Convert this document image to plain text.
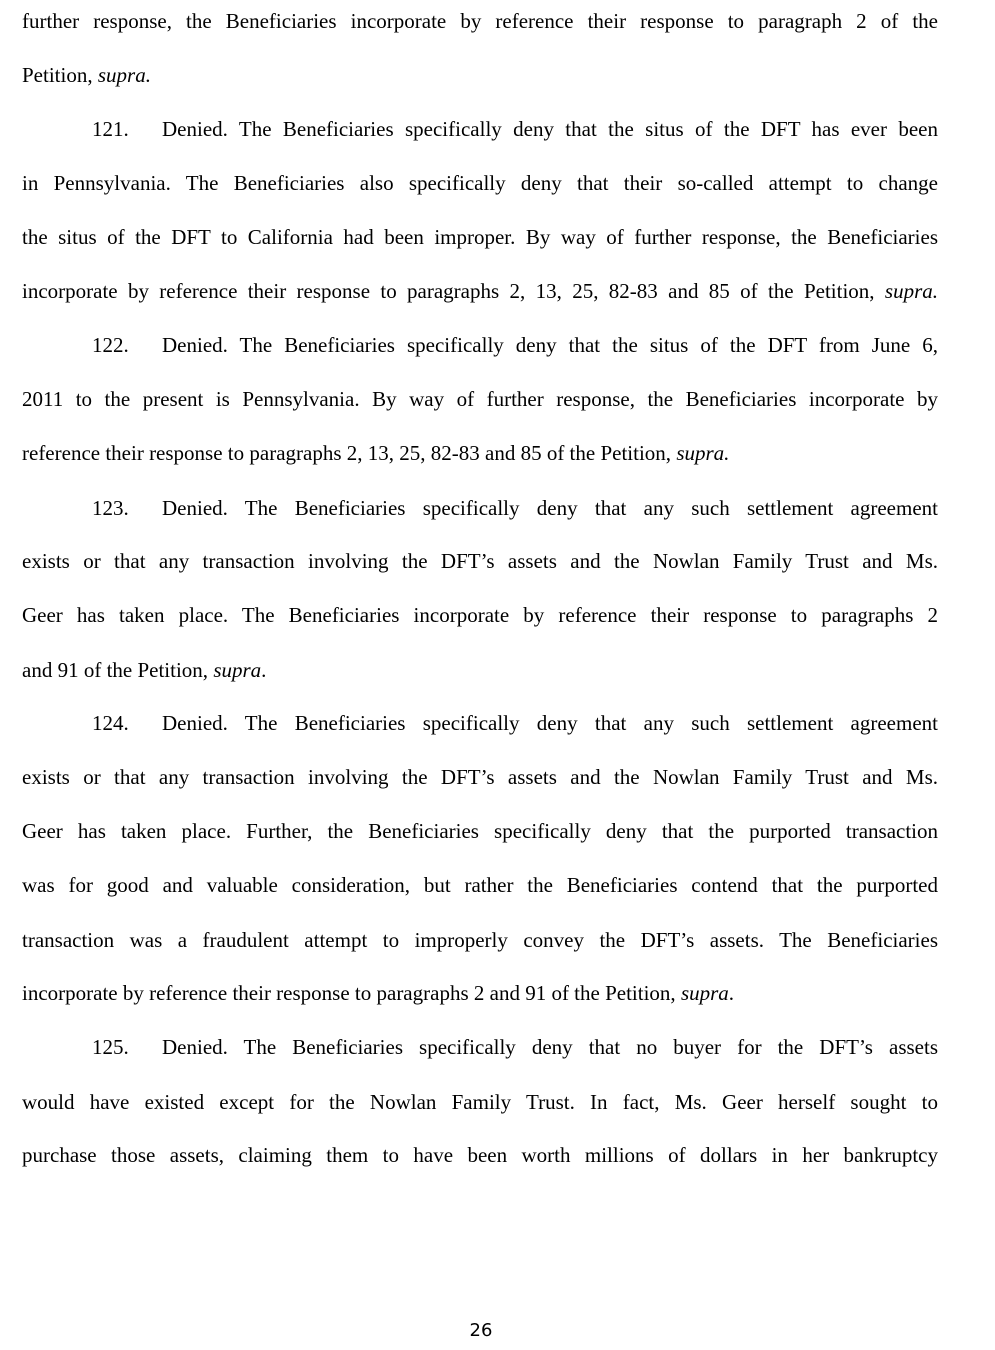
further response, the Beneficiaries incorporate by reference their response to paragraph 2 of the
Petition, supra.
121. Denied. The Beneficiaries specifically deny that the situs of the DFT has ever been
in Pennsylvania. The Beneficiaries also specifically deny that their so-called attempt to change
the situs of the DFT to California had been improper. By way of further response, the Beneficiaries
incorporate by reference their response to paragraphs 2, 13, 25, 82-83 and 85 of the Petition, supra.
122. Denied. The Beneficiaries specifically deny that the situs of the DFT from June 6,
2011 to the present is Pennsylvania. By way of further response, the Beneficiaries incorporate by
reference their response to paragraphs 2, 13, 25, 82-83 and 85 of the Petition, supra.
123. Denied. The Beneficiaries specifically deny that any such settlement agreement
exists or that any transaction involving the DFT’s assets and the Nowlan Family Trust and Ms.
Geer has taken place. The Beneficiaries incorporate by reference their response to paragraphs 2
and 91 of the Petition, supra.
124. Denied. The Beneficiaries specifically deny that any such settlement agreement
exists or that any transaction involving the DFT’s assets and the Nowlan Family Trust and Ms.
Geer has taken place. Further, the Beneficiaries specifically deny that the purported transaction
was for good and valuable consideration, but rather the Beneficiaries contend that the purported
transaction was a fraudulent attempt to improperly convey the DFT’s assets. The Beneficiaries
incorporate by reference their response to paragraphs 2 and 91 of the Petition, supra.
125. Denied. The Beneficiaries specifically deny that no buyer for the DFT’s assets
would have existed except for the Nowlan Family Trust. In fact, Ms. Geer herself sought to
purchase those assets, claiming them to have been worth millions of dollars in her bankruptcy
26
